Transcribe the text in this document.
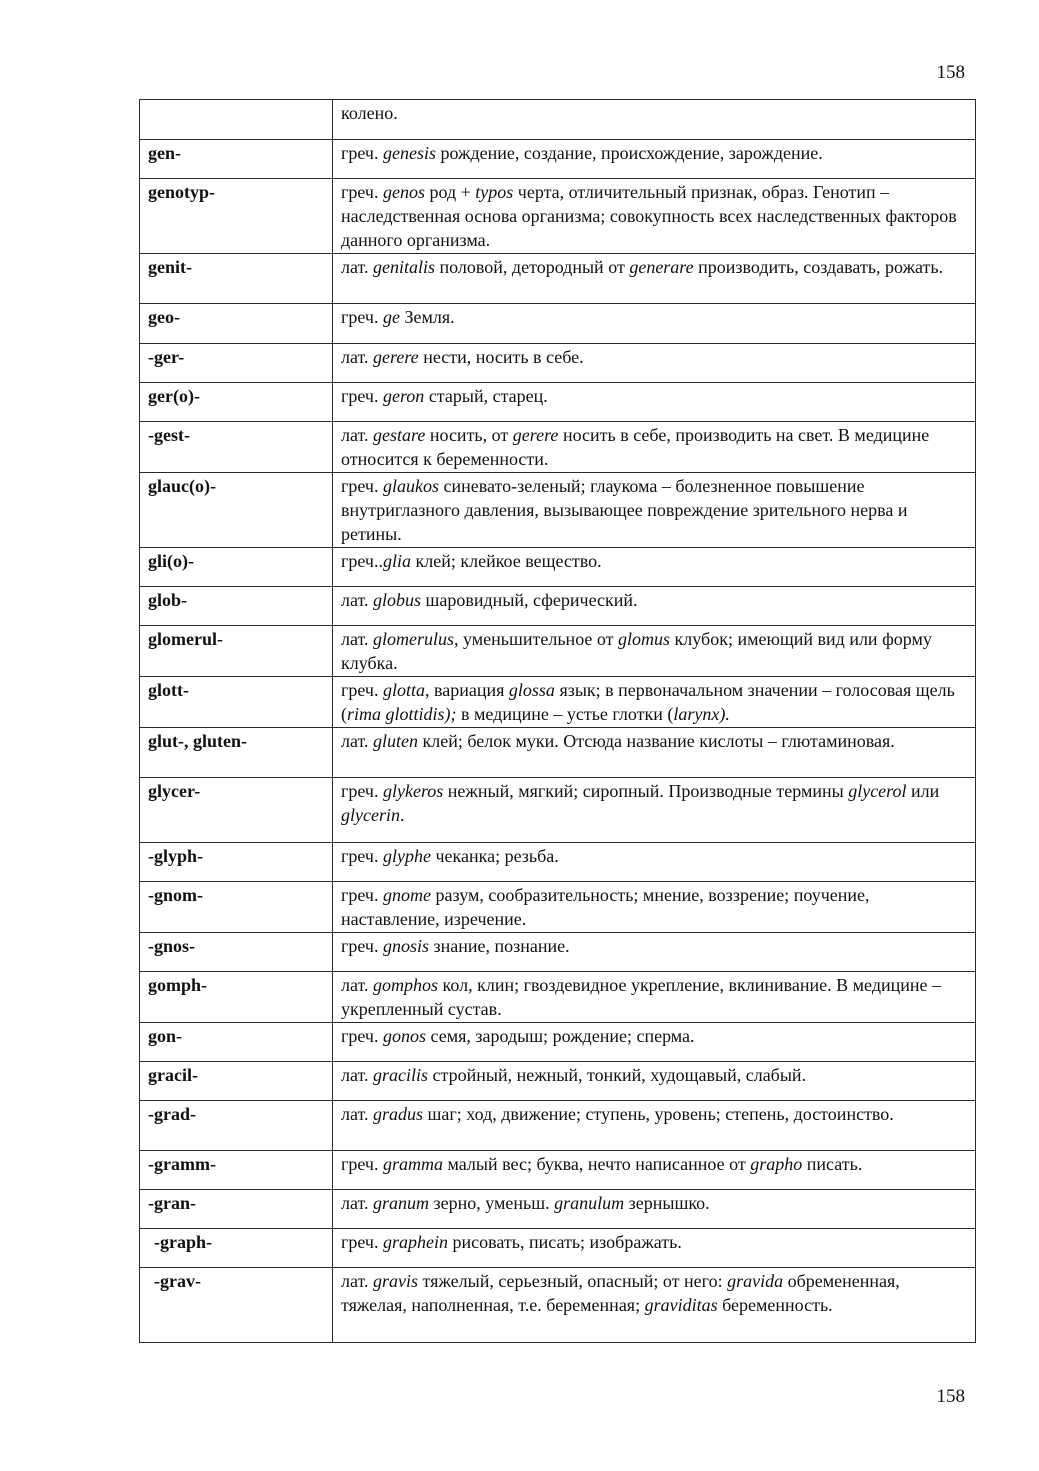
158
	колено.
gen-	греч. genesis рождение, создание, происхождение, зарождение.
genotyp-	греч. genos род + typos черта, отличительный признак, образ. Генотип – наследственная основа организма; совокупность всех наследственных факторов данного организма.
genit-	лат. genitalis половой, детородный от generare производить, создавать, рожать.
geo-	греч. ge Земля.
-ger-	лат. gerere нести, носить в себе.
ger(o)-	греч. geron старый, старец.
-gest-	лат. gestare носить, от gerere носить в себе, производить на свет. В медицине относится к беременности.
glauc(o)-	греч. glaukos синевато-зеленый; глаукома – болезненное повышение внутриглазного давления, вызывающее повреждение зрительного нерва и ретины.
gli(o)-	греч..glia клей; клейкое вещество.
glob-	лат. globus шаровидный, сферический.
glomerul-	лат. glomerulus, уменьшительное от glomus клубок; имеющий вид или форму клубка.
glott-	греч. glotta, вариация glossa язык; в первоначальном значении – голосовая щель (rima glottidis); в медицине – устье глотки (larynx).
glut-, gluten-	лат. gluten клей; белок муки. Отсюда название кислоты – глютаминовая.
glycer-	греч. glykeros нежный, мягкий; сиропный. Производные термины glycerol или glycerin.
-glyph-	греч. glyphe чеканка; резьба.
-gnom-	греч. gnome разум, сообразительность; мнение, воззрение; поучение, наставление, изречение.
-gnos-	греч. gnosis знание, познание.
gomph-	лат. gomphos кол, клин; гвоздевидное укрепление, вклинивание. В медицине – укрепленный сустав.
gon-	греч. gonos семя, зародыш; рождение; сперма.
gracil-	лат. gracilis стройный, нежный, тонкий, худощавый, слабый.
-grad-	лат. gradus шаг; ход, движение; ступень, уровень; степень, достоинство.
-gramm-	греч. gramma малый вес; буква, нечто написанное от grapho писать.
-gran-	лат. granum зерно, уменьш. granulum зернышко.
-graph-	греч. graphein рисовать, писать; изображать.
-grav-	лат. gravis тяжелый, серьезный, опасный; от него: gravida обремененная, тяжелая, наполненная, т.е. беременная; graviditas беременность.
158
